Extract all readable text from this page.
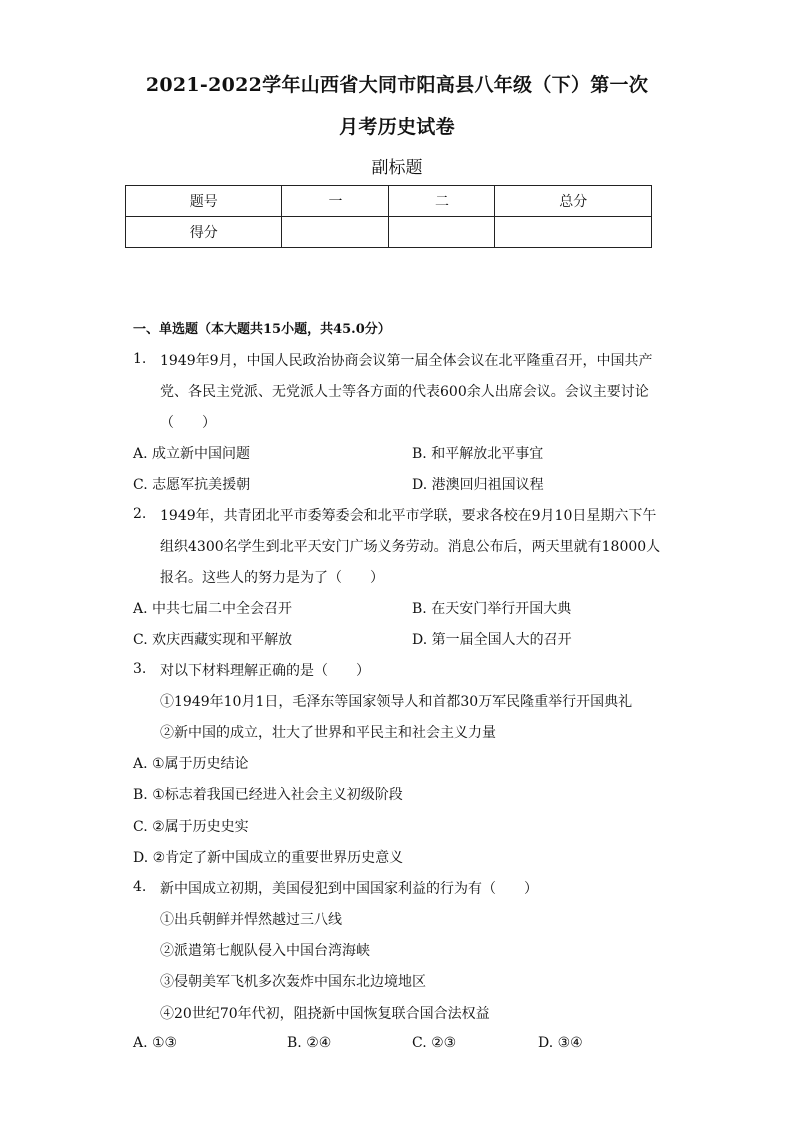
2021-2022学年山西省大同市阳高县八年级（下）第一次
月考历史试卷
副标题
题号	一	二	总分
得分			
一、单选题（本大题共15小题，共45.0分）
1. 1949年9月，中国人民政治协商会议第一届全体会议在北平隆重召开，中国共产
党、各民主党派、无党派人士等各方面的代表600余人出席会议。会议主要讨论
（　　）
A. 成立新中国问题	B. 和平解放北平事宜
C. 志愿军抗美援朝	D. 港澳回归祖国议程
2. 1949年，共青团北平市委筹委会和北平市学联，要求各校在9月10日星期六下午
组织4300名学生到北平天安门广场义务劳动。消息公布后，两天里就有18000人
报名。这些人的努力是为了（　　）
A. 中共七届二中全会召开	B. 在天安门举行开国大典
C. 欢庆西藏实现和平解放	D. 第一届全国人大的召开
3. 对以下材料理解正确的是（　　）
①1949年10月1日，毛泽东等国家领导人和首都30万军民隆重举行开国典礼
②新中国的成立，壮大了世界和平民主和社会主义力量
A. ①属于历史结论
B. ①标志着我国已经进入社会主义初级阶段
C. ②属于历史史实
D. ②肯定了新中国成立的重要世界历史意义
4. 新中国成立初期，美国侵犯到中国国家利益的行为有（　　）
①出兵朝鲜并悍然越过三八线
②派遣第七舰队侵入中国台湾海峡
③侵朝美军飞机多次轰炸中国东北边境地区
④20世纪70年代初，阻挠新中国恢复联合国合法权益
A. ①③	B. ②④	C. ②③	D. ③④
